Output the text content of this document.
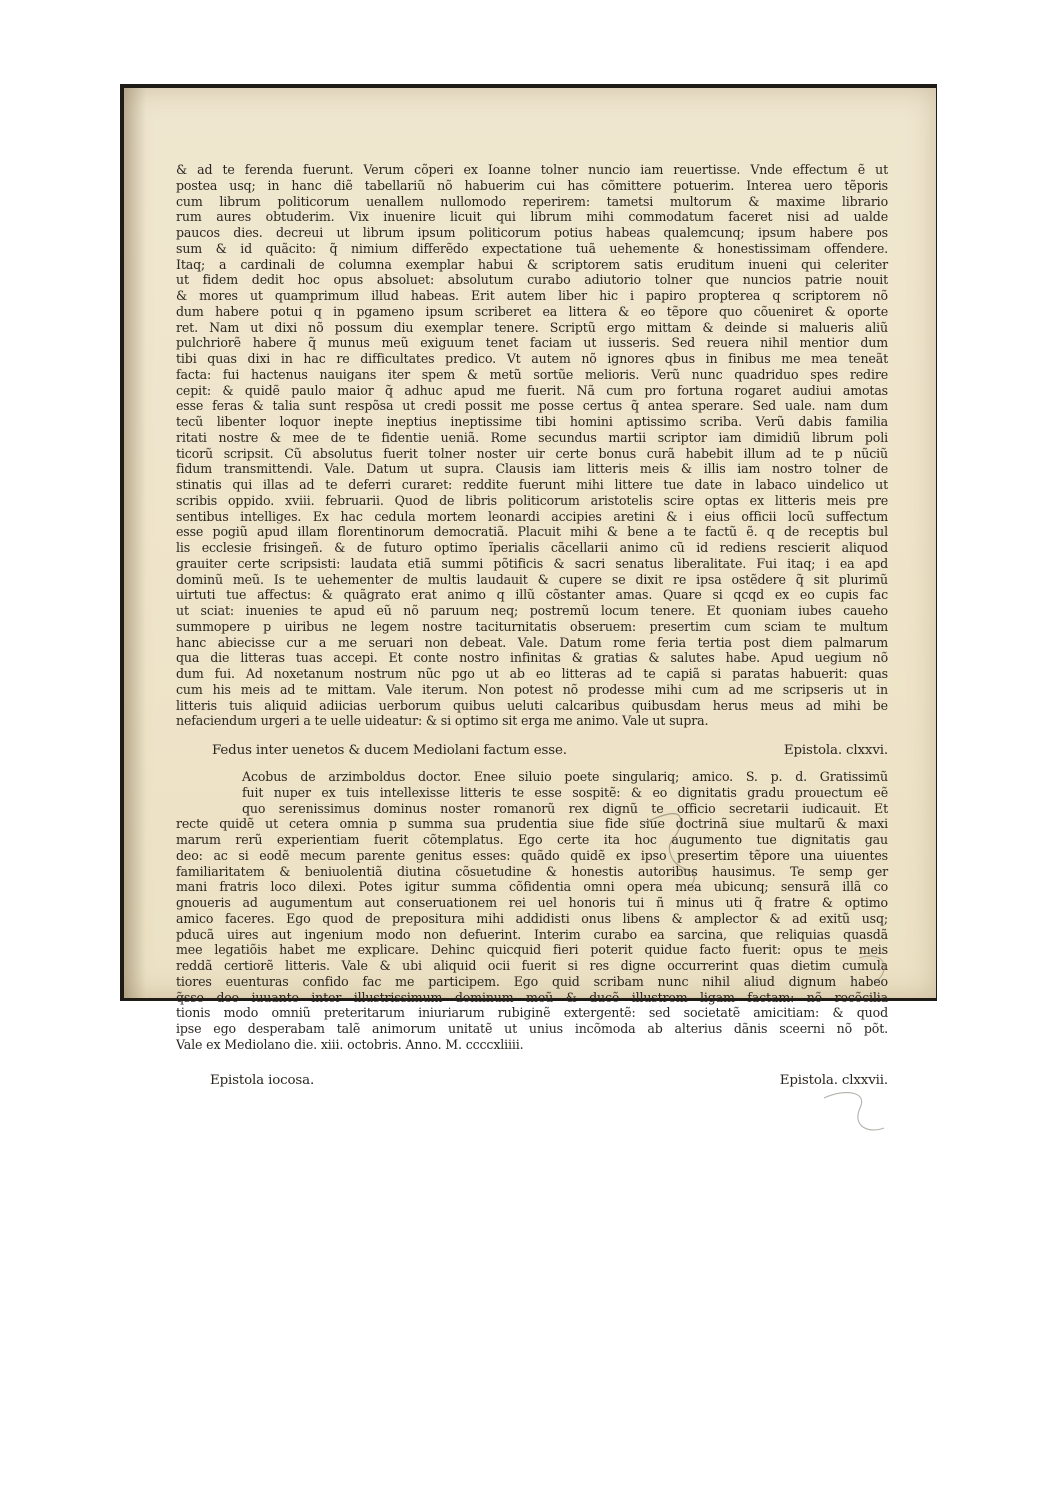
& ad te ferenda fuerunt. Verum cõperi ex Ioanne tolner nuncio iam reuertisse. Vnde effectum ẽ ut
postea usq; in hanc diẽ tabellariũ nõ habuerim cui has cõmittere potuerim. Interea uero tẽporis
cum librum politicorum uenallem nullomodo reperirem: tametsi multorum & maxime librario
rum aures obtuderim. Vix inuenire licuit qui librum mihi commodatum faceret nisi ad ualde
paucos dies. decreui ut librum ipsum politicorum potius habeas qualemcunq; ipsum habere pos
sum & id quãcito: q̃ nimium differẽdo expectatione tuã uehemente & honestissimam offendere.
Itaq; a cardinali de columna exemplar habui & scriptorem satis eruditum inueni qui celeriter
ut fidem dedit hoc opus absoluet: absolutum curabo adiutorio tolner que nuncios patrie nouit
& mores ut quamprimum illud habeas. Erit autem liber hic i papiro propterea q scriptorem nõ
dum habere potui q in pgameno ipsum scriberet ea littera & eo tẽpore quo cõueniret & oporte
ret. Nam ut dixi nõ possum diu exemplar tenere. Scriptũ ergo mittam & deinde si malueris aliũ
pulchriorẽ habere q̃ munus meũ exiguum tenet faciam ut iusseris. Sed reuera nihil mentior dum
tibi quas dixi in hac re difficultates predico. Vt autem nõ ignores qbus in finibus me mea teneãt
facta: fui hactenus nauigans iter spem & metũ sortũe melioris. Verũ nunc quadriduo spes redire
cepit: & quidẽ paulo maior q̃ adhuc apud me fuerit. Nã cum pro fortuna rogaret audiui amotas
esse feras & talia sunt respõsa ut credi possit me posse certus q̃ antea sperare. Sed uale. nam dum
tecũ libenter loquor inepte ineptius ineptissime tibi homini aptissimo scriba. Verũ dabis familia
ritati nostre & mee de te fidentie ueniã. Rome secundus martii scriptor iam dimidiũ librum poli
ticorũ scripsit. Cũ absolutus fuerit tolner noster uir certe bonus curã habebit illum ad te p nũciũ
fidum transmittendi. Vale. Datum ut supra. Clausis iam litteris meis & illis iam nostro tolner de
stinatis qui illas ad te deferri curaret: reddite fuerunt mihi littere tue date in labaco uindelico ut
scribis oppido. xviii. februarii. Quod de libris politicorum aristotelis scire optas ex litteris meis pre
sentibus intelliges. Ex hac cedula mortem leonardi accipies aretini & i eius officii locũ suffectum
esse pogiũ apud illam florentinorum democratiã. Placuit mihi & bene a te factũ ẽ. q de receptis bul
lis ecclesie frisingeñ. & de futuro optimo ĩperialis cãcellarii animo cũ id rediens rescierit aliquod
grauiter certe scripsisti: laudata etiã summi põtificis & sacri senatus liberalitate. Fui itaq; i ea apd
dominũ meũ. Is te uehementer de multis laudauit & cupere se dixit re ipsa ostẽdere q̃ sit plurimũ
uirtuti tue affectus: & quãgrato erat animo q illũ cõstanter amas. Quare si qcqd ex eo cupis fac
ut sciat: inuenies te apud eũ nõ paruum neq; postremũ locum tenere. Et quoniam iubes caueho
summopere p uiribus ne legem nostre taciturnitatis obseruem: presertim cum sciam te multum
hanc abiecisse cur a me seruari non debeat. Vale. Datum rome feria tertia post diem palmarum
qua die litteras tuas accepi. Et conte nostro infinitas & gratias & salutes habe. Apud uegium nõ
dum fui. Ad noxetanum nostrum nũc pgo ut ab eo litteras ad te capiã si paratas habuerit: quas
cum his meis ad te mittam. Vale iterum. Non potest nõ prodesse mihi cum ad me scripseris ut in
litteris tuis aliquid adiicias uerborum quibus ueluti calcaribus quibusdam herus meus ad mihi be
nefaciendum urgeri a te uelle uideatur: & si optimo sit erga me animo. Vale ut supra.
Fedus inter uenetos & ducem Mediolani factum esse.	Epistola. clxxvi.
Acobus de arzimboldus doctor. Enee siluio poete singulariq; amico. S. p. d. Gratissimũ
fuit nuper ex tuis intellexisse litteris te esse sospitẽ: & eo dignitatis gradu prouectum eẽ
quo serenissimus dominus noster romanorũ rex dignũ te officio secretarii iudicauit. Et
recte quidẽ ut cetera omnia p summa sua prudentia siue fide siue doctrinã siue multarũ & maxi
marum rerũ experientiam fuerit cõtemplatus. Ego certe ita hoc augumento tue dignitatis gau
deo: ac si eodẽ mecum parente genitus esses: quãdo quidẽ ex ipso presertim tẽpore una uiuentes
familiaritatem & beniuolentiã diutina cõsuetudine & honestis autoribus hausimus. Te semp ger
mani fratris loco dilexi. Potes igitur summa cõfidentia omni opera mea ubicunq; sensurã illã co
gnoueris ad augumentum aut conseruationem rei uel honoris tui ñ minus uti q̃ fratre & optimo
amico faceres. Ego quod de prepositura mihi addidisti onus libens & amplector & ad exitũ usq;
pducã uires aut ingenium modo non defuerint. Interim curabo ea sarcina, que reliquias quasdã
mee legatiõis habet me explicare. Dehinc quicquid fieri poterit quidue facto fuerit: opus te meis
reddã certiorẽ litteris. Vale & ubi aliquid ocii fuerit si res digne occurrerint quas dietim cumula
tiores euenturas confido fac me participem. Ego quid scribam nunc nihil aliud dignum habeo
q̃sse deo iuuante inter illustrissimum dominum meũ & ducẽ illustrem ligam factam: nõ recõcilia
tionis modo omniũ preteritarum iniuriarum rubiginẽ extergentẽ: sed societatẽ amicitiam: & quod
ipse ego desperabam talẽ animorum unitatẽ ut unius incõmoda ab alterius dãnis sceerni nõ põt.
Vale ex Mediolano die. xiii. octobris. Anno. M. ccccxliiii.
Epistola iocosa.	Epistola. clxxvii.
